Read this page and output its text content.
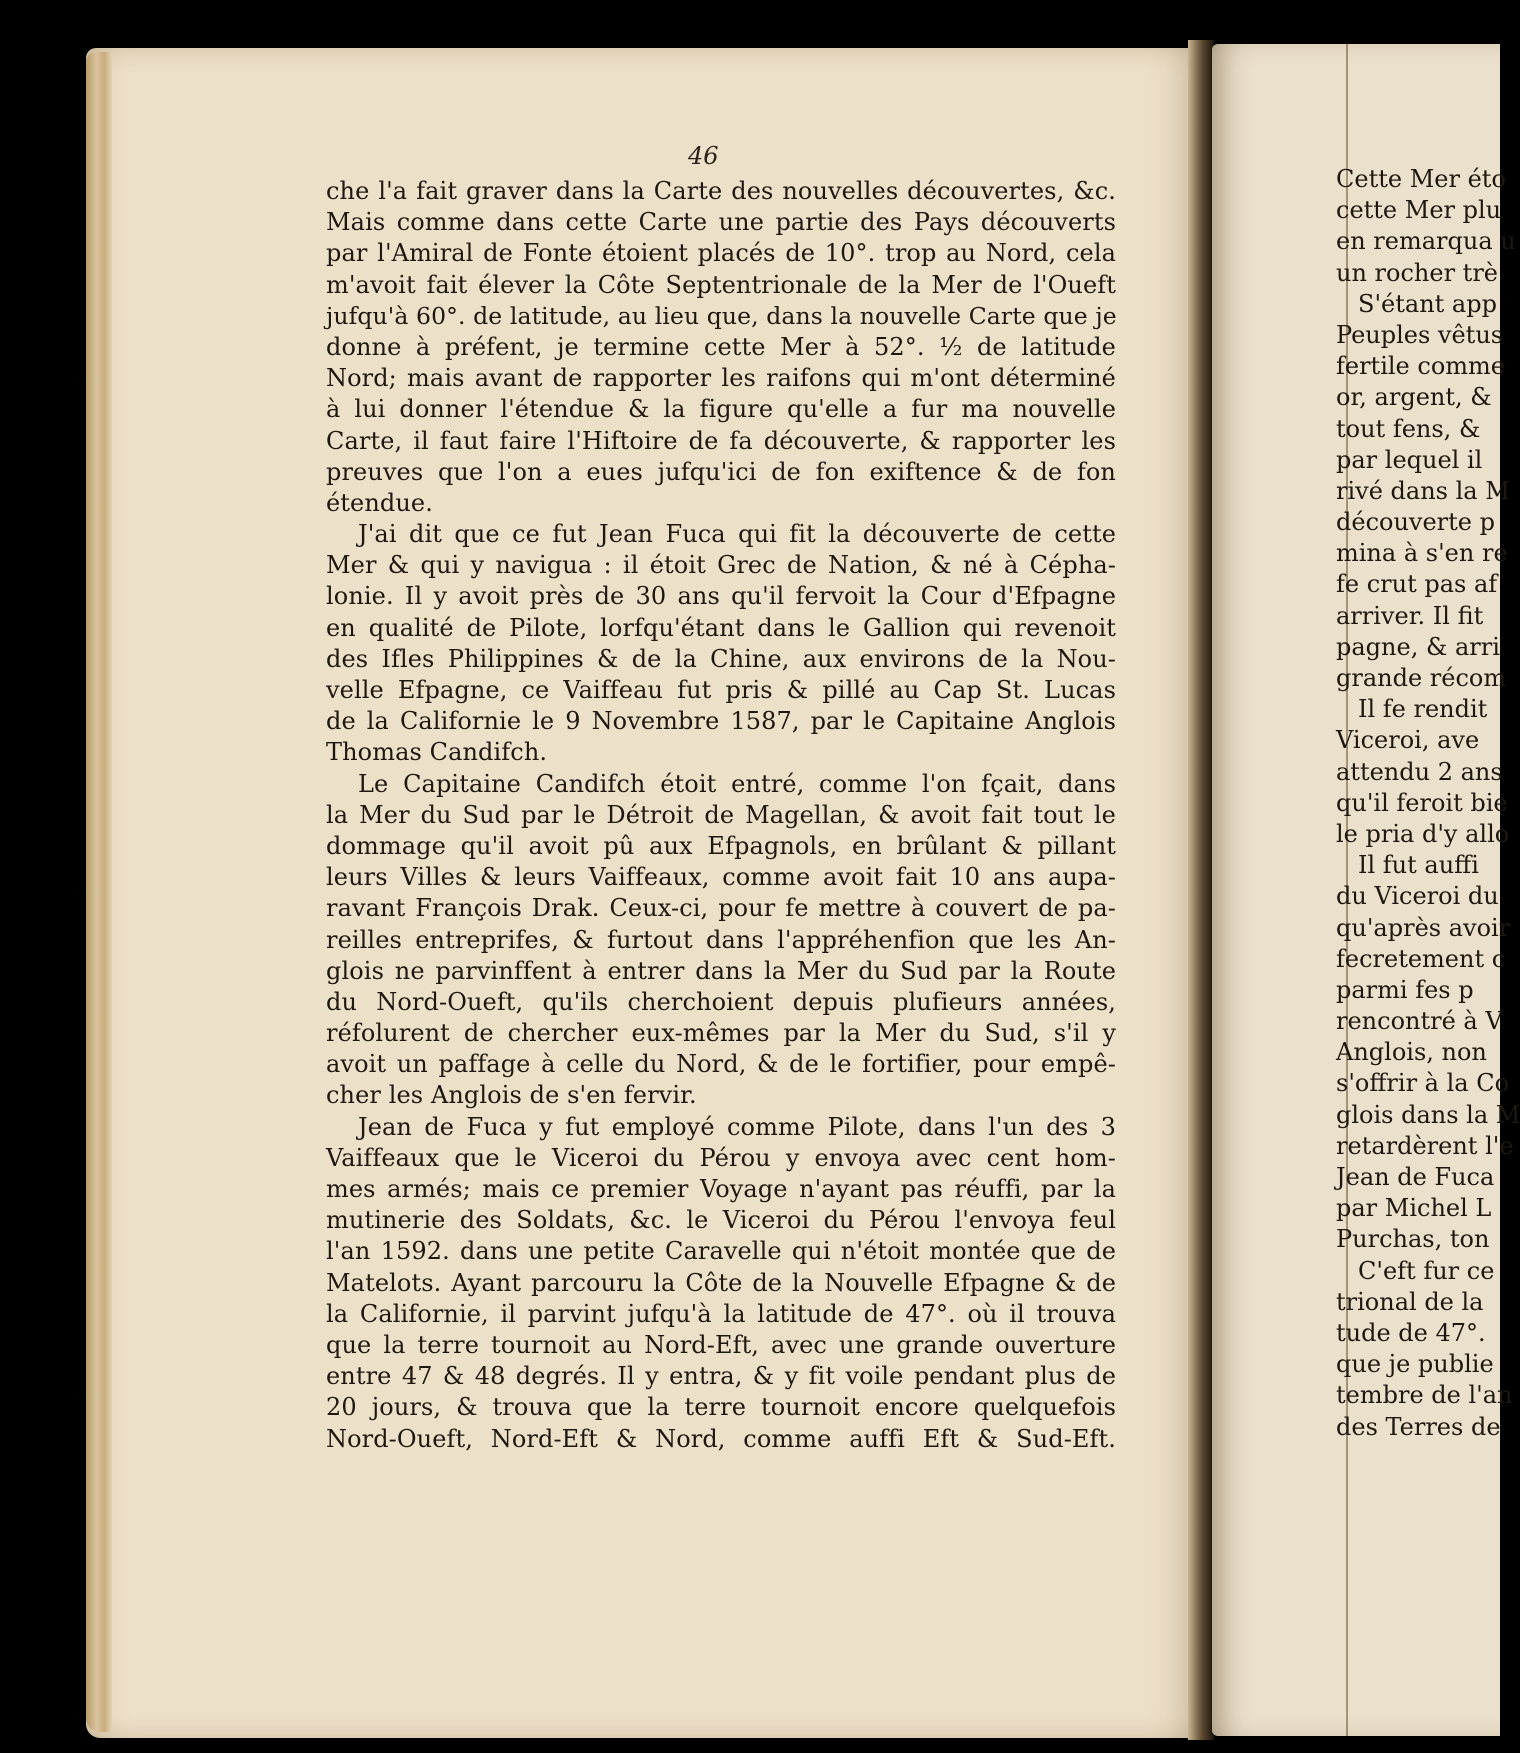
46
che l'a fait graver dans la Carte des nouvelles découvertes, &c.
Mais comme dans cette Carte une partie des Pays découverts
par l'Amiral de Fonte étoient placés de 10°. trop au Nord, cela
m'avoit fait élever la Côte Septentrionale de la Mer de l'Oueft
jufqu'à 60°. de latitude, au lieu que, dans la nouvelle Carte que je
donne à préfent, je termine cette Mer à 52°. ½ de latitude
Nord; mais avant de rapporter les raifons qui m'ont déterminé
à lui donner l'étendue & la figure qu'elle a fur ma nouvelle
Carte, il faut faire l'Hiftoire de fa découverte, & rapporter les
preuves que l'on a eues jufqu'ici de fon exiftence & de fon
étendue.
J'ai dit que ce fut Jean Fuca qui fit la découverte de cette
Mer & qui y navigua : il étoit Grec de Nation, & né à Cépha-
lonie. Il y avoit près de 30 ans qu'il fervoit la Cour d'Efpagne
en qualité de Pilote, lorfqu'étant dans le Gallion qui revenoit
des Ifles Philippines & de la Chine, aux environs de la Nou-
velle Efpagne, ce Vaiffeau fut pris & pillé au Cap St. Lucas
de la Californie le 9 Novembre 1587, par le Capitaine Anglois
Thomas Candifch.
Le Capitaine Candifch étoit entré, comme l'on fçait, dans
la Mer du Sud par le Détroit de Magellan, & avoit fait tout le
dommage qu'il avoit pû aux Efpagnols, en brûlant & pillant
leurs Villes & leurs Vaiffeaux, comme avoit fait 10 ans aupa-
ravant François Drak. Ceux-ci, pour fe mettre à couvert de pa-
reilles entreprifes, & furtout dans l'appréhenfion que les An-
glois ne parvinffent à entrer dans la Mer du Sud par la Route
du Nord-Oueft, qu'ils cherchoient depuis plufieurs années,
réfolurent de chercher eux-mêmes par la Mer du Sud, s'il y
avoit un paffage à celle du Nord, & de le fortifier, pour empê-
cher les Anglois de s'en fervir.
Jean de Fuca y fut employé comme Pilote, dans l'un des 3
Vaiffeaux que le Viceroi du Pérou y envoya avec cent hom-
mes armés; mais ce premier Voyage n'ayant pas réuffi, par la
mutinerie des Soldats, &c. le Viceroi du Pérou l'envoya feul
l'an 1592. dans une petite Caravelle qui n'étoit montée que de
Matelots. Ayant parcouru la Côte de la Nouvelle Efpagne & de
la Californie, il parvint jufqu'à la latitude de 47°. où il trouva
que la terre tournoit au Nord-Eft, avec une grande ouverture
entre 47 & 48 degrés. Il y entra, & y fit voile pendant plus de
20 jours, & trouva que la terre tournoit encore quelquefois
Nord-Oueft, Nord-Eft & Nord, comme auffi Eft & Sud-Eft.
Cette Mer éto
cette Mer plu
en remarqua u
un rocher trè
S'étant app
Peuples vêtus
fertile comme
or, argent, &
tout fens, &
par lequel il
rivé dans la M
découverte p
mina à s'en re
fe crut pas af
arriver. Il fit
pagne, & arri
grande récom
Il fe rendit
Viceroi, ave
attendu 2 ans
qu'il feroit bie
le pria d'y allo
Il fut auffi
du Viceroi du
qu'après avoir
fecretement c
parmi fes p
rencontré à V
Anglois, non
s'offrir à la Co
glois dans la M
retardèrent l'e
Jean de Fuca
par Michel L
Purchas, ton
C'eft fur ce
trional de la
tude de 47°.
que je publie
tembre de l'an
des Terres de
